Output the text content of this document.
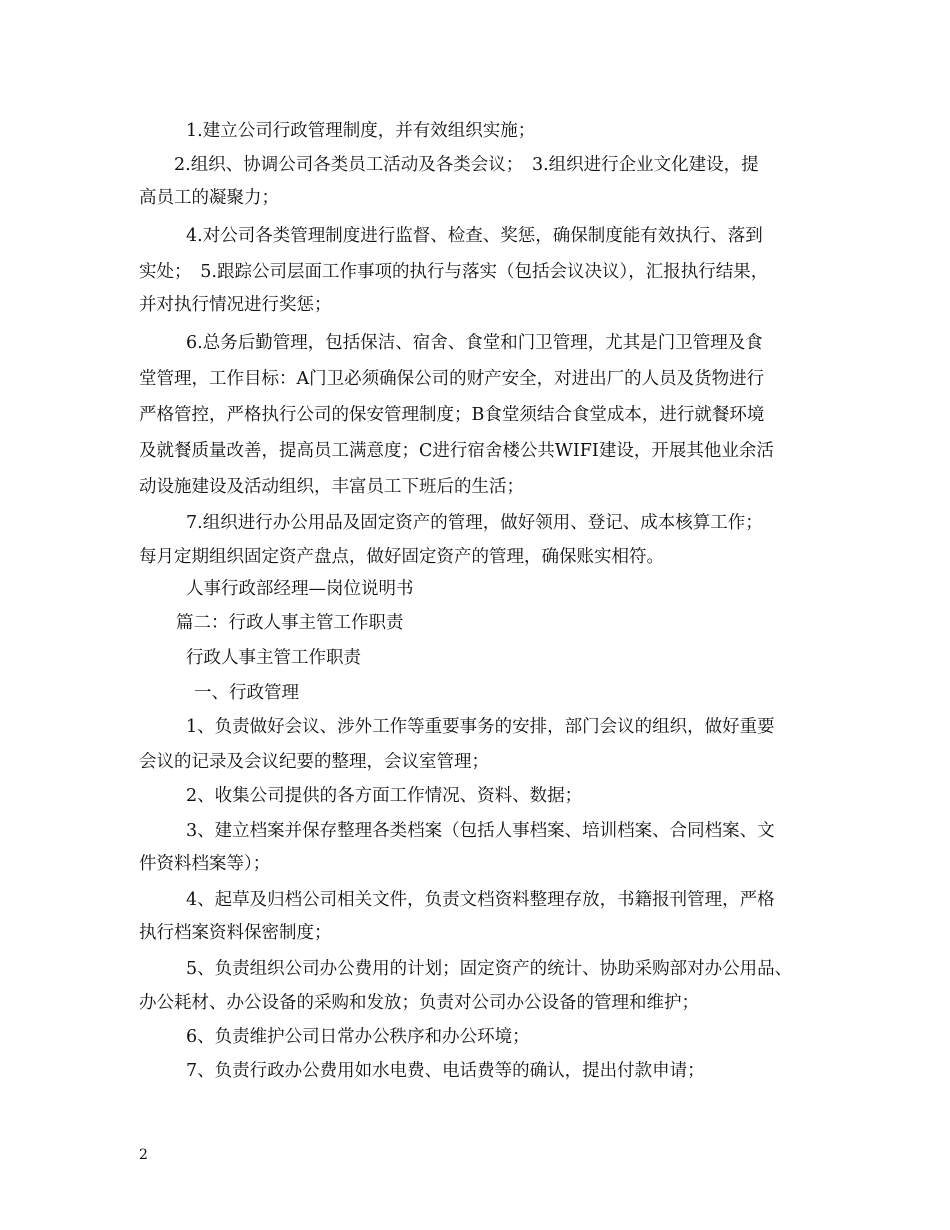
1.建立公司行政管理制度，并有效组织实施；
2.组织、协调公司各类员工活动及各类会议；　3.组织进行企业文化建设，提
高员工的凝聚力；
4.对公司各类管理制度进行监督、检查、奖惩，确保制度能有效执行、落到
实处；　5.跟踪公司层面工作事项的执行与落实（包括会议决议），汇报执行结果，
并对执行情况进行奖惩；
6.总务后勤管理，包括保洁、宿舍、食堂和门卫管理，尤其是门卫管理及食
堂管理，工作目标：A门卫必须确保公司的财产安全，对进出厂的人员及货物进行
严格管控，严格执行公司的保安管理制度；B食堂须结合食堂成本，进行就餐环境
及就餐质量改善，提高员工满意度；C进行宿舍楼公共WIFI建设，开展其他业余活
动设施建设及活动组织，丰富员工下班后的生活；
7.组织进行办公用品及固定资产的管理，做好领用、登记、成本核算工作；
每月定期组织固定资产盘点，做好固定资产的管理，确保账实相符。
人事行政部经理—岗位说明书
篇二：行政人事主管工作职责
行政人事主管工作职责
一、行政管理
1、负责做好会议、涉外工作等重要事务的安排，部门会议的组织，做好重要
会议的记录及会议纪要的整理，会议室管理；
2、收集公司提供的各方面工作情况、资料、数据；
3、建立档案并保存整理各类档案（包括人事档案、培训档案、合同档案、文
件资料档案等）；
4、起草及归档公司相关文件，负责文档资料整理存放，书籍报刊管理，严格
执行档案资料保密制度；
5、负责组织公司办公费用的计划；固定资产的统计、协助采购部对办公用品、
办公耗材、办公设备的采购和发放；负责对公司办公设备的管理和维护；
6、负责维护公司日常办公秩序和办公环境；
7、负责行政办公费用如水电费、电话费等的确认，提出付款申请；
2
